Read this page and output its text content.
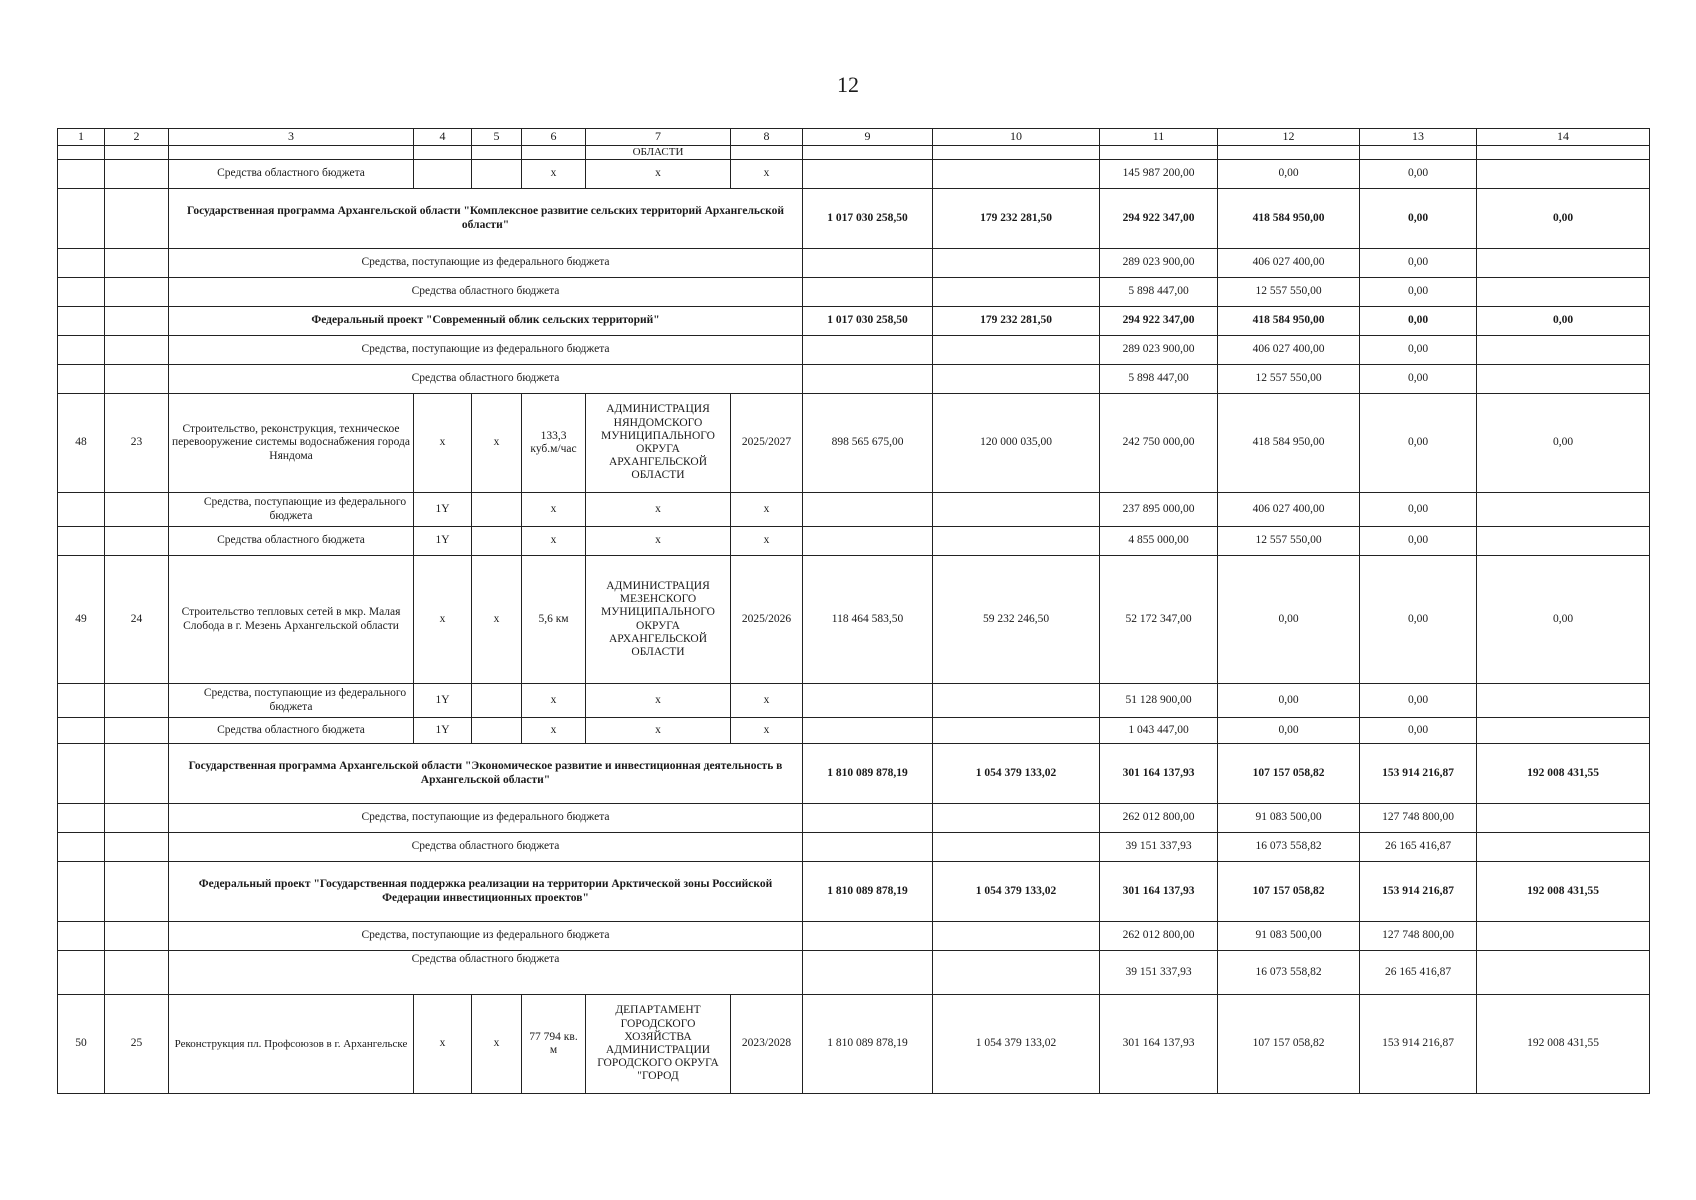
12
1	2	3	4	5	6	7	8	9	10	11	12	13	14
						ОБЛАСТИ							
		Средства областного бюджета			x	x	x			145 987 200,00	0,00	0,00	
		Государственная программа Архангельской области "Комплексное развитие сельских территорий Архангельской области"						1 017 030 258,50	179 232 281,50	294 922 347,00	418 584 950,00	0,00	0,00
		Средства, поступающие из федерального бюджета								289 023 900,00	406 027 400,00	0,00	
		Средства областного бюджета								5 898 447,00	12 557 550,00	0,00	
		Федеральный проект "Современный облик сельских территорий"						1 017 030 258,50	179 232 281,50	294 922 347,00	418 584 950,00	0,00	0,00
		Средства, поступающие из федерального бюджета								289 023 900,00	406 027 400,00	0,00	
		Средства областного бюджета								5 898 447,00	12 557 550,00	0,00	
48	23	Строительство, реконструкция, техническое перевооружение системы водоснабжения города Няндома	x	x	133,3 куб.м/час	АДМИНИСТРАЦИЯ НЯНДОМСКОГО МУНИЦИПАЛЬНОГО ОКРУГА АРХАНГЕЛЬСКОЙ ОБЛАСТИ	2025/2027	898 565 675,00	120 000 035,00	242 750 000,00	418 584 950,00	0,00	0,00
		Средства, поступающие из федерального бюджета	1Y		x	x	x			237 895 000,00	406 027 400,00	0,00	
		Средства областного бюджета	1Y		x	x	x			4 855 000,00	12 557 550,00	0,00	
49	24	Строительство тепловых сетей в мкр. Малая Слобода в г. Мезень Архангельской области	x	x	5,6 км	АДМИНИСТРАЦИЯ МЕЗЕНСКОГО МУНИЦИПАЛЬНОГО ОКРУГА АРХАНГЕЛЬСКОЙ ОБЛАСТИ	2025/2026	118 464 583,50	59 232 246,50	52 172 347,00	0,00	0,00	0,00
		Средства, поступающие из федерального бюджета	1Y		x	x	x			51 128 900,00	0,00	0,00	
		Средства областного бюджета	1Y		x	x	x			1 043 447,00	0,00	0,00	
		Государственная программа Архангельской области "Экономическое развитие и инвестиционная деятельность в Архангельской области"						1 810 089 878,19	1 054 379 133,02	301 164 137,93	107 157 058,82	153 914 216,87	192 008 431,55
		Средства, поступающие из федерального бюджета								262 012 800,00	91 083 500,00	127 748 800,00	
		Средства областного бюджета								39 151 337,93	16 073 558,82	26 165 416,87	
		Федеральный проект "Государственная поддержка реализации на территории Арктической зоны Российской Федерации инвестиционных проектов"						1 810 089 878,19	1 054 379 133,02	301 164 137,93	107 157 058,82	153 914 216,87	192 008 431,55
		Средства, поступающие из федерального бюджета								262 012 800,00	91 083 500,00	127 748 800,00	
		Средства областного бюджета								39 151 337,93	16 073 558,82	26 165 416,87	
50	25	Реконструкция пл. Профсоюзов в г. Архангельске	x	x	77 794 кв. м	ДЕПАРТАМЕНТ ГОРОДСКОГО ХОЗЯЙСТВА АДМИНИСТРАЦИИ ГОРОДСКОГО ОКРУГА "ГОРОД	2023/2028	1 810 089 878,19	1 054 379 133,02	301 164 137,93	107 157 058,82	153 914 216,87	192 008 431,55
